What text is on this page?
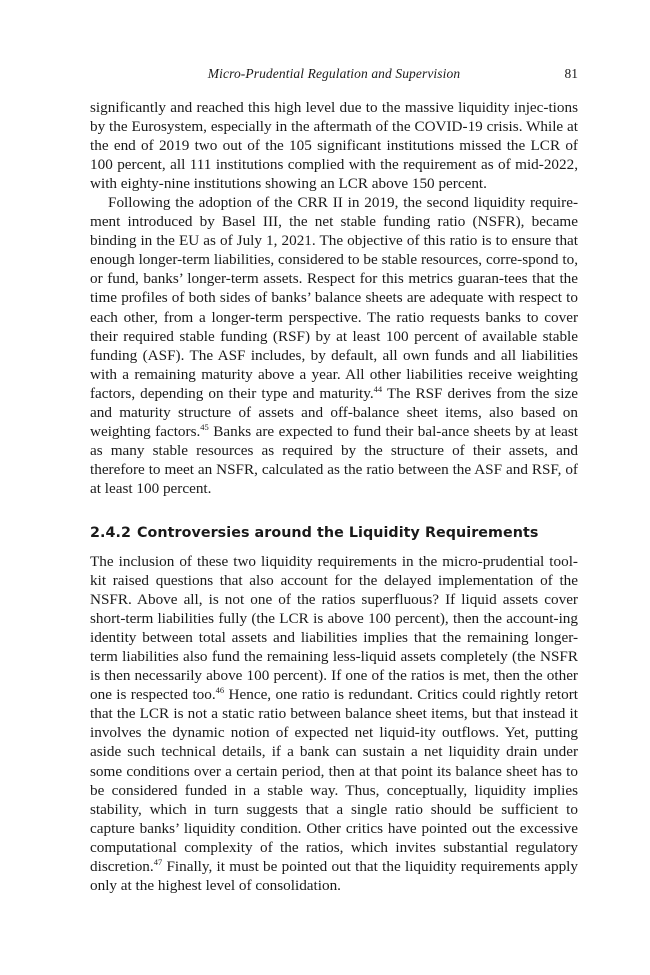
Micro-Prudential Regulation and Supervision	81

significantly and reached this high level due to the massive liquidity injec-tions by the Eurosystem, especially in the aftermath of the COVID-19 crisis. While at the end of 2019 two out of the 105 significant institutions missed the LCR of 100 percent, all 111 institutions complied with the requirement as of mid-2022, with eighty-nine institutions showing an LCR above 150 percent.

Following the adoption of the CRR II in 2019, the second liquidity require-ment introduced by Basel III, the net stable funding ratio (NSFR), became binding in the EU as of July 1, 2021. The objective of this ratio is to ensure that enough longer-term liabilities, considered to be stable resources, corre-spond to, or fund, banks’ longer-term assets. Respect for this metrics guaran-tees that the time profiles of both sides of banks’ balance sheets are adequate with respect to each other, from a longer-term perspective. The ratio requests banks to cover their required stable funding (RSF) by at least 100 percent of available stable funding (ASF). The ASF includes, by default, all own funds and all liabilities with a remaining maturity above a year. All other liabilities receive weighting factors, depending on their type and maturity.$^{44}$ The RSF derives from the size and maturity structure of assets and off-balance sheet items, also based on weighting factors.$^{45}$ Banks are expected to fund their bal-ance sheets by at least as many stable resources as required by the structure of their assets, and therefore to meet an NSFR, calculated as the ratio between the ASF and RSF, of at least 100 percent.

2.4.2 Controversies around the Liquidity Requirements

The inclusion of these two liquidity requirements in the micro-prudential tool-kit raised questions that also account for the delayed implementation of the NSFR. Above all, is not one of the ratios superfluous? If liquid assets cover short-term liabilities fully (the LCR is above 100 percent), then the account-ing identity between total assets and liabilities implies that the remaining longer-term liabilities also fund the remaining less-liquid assets completely (the NSFR is then necessarily above 100 percent). If one of the ratios is met, then the other one is respected too.$^{46}$ Hence, one ratio is redundant. Critics could rightly retort that the LCR is not a static ratio between balance sheet items, but that instead it involves the dynamic notion of expected net liquid-ity outflows. Yet, putting aside such technical details, if a bank can sustain a net liquidity drain under some conditions over a certain period, then at that point its balance sheet has to be considered funded in a stable way. Thus, conceptually, liquidity implies stability, which in turn suggests that a single ratio should be sufficient to capture banks’ liquidity condition. Other critics have pointed out the excessive computational complexity of the ratios, which invites substantial regulatory discretion.$^{47}$ Finally, it must be pointed out that the liquidity requirements apply only at the highest level of consolidation.
